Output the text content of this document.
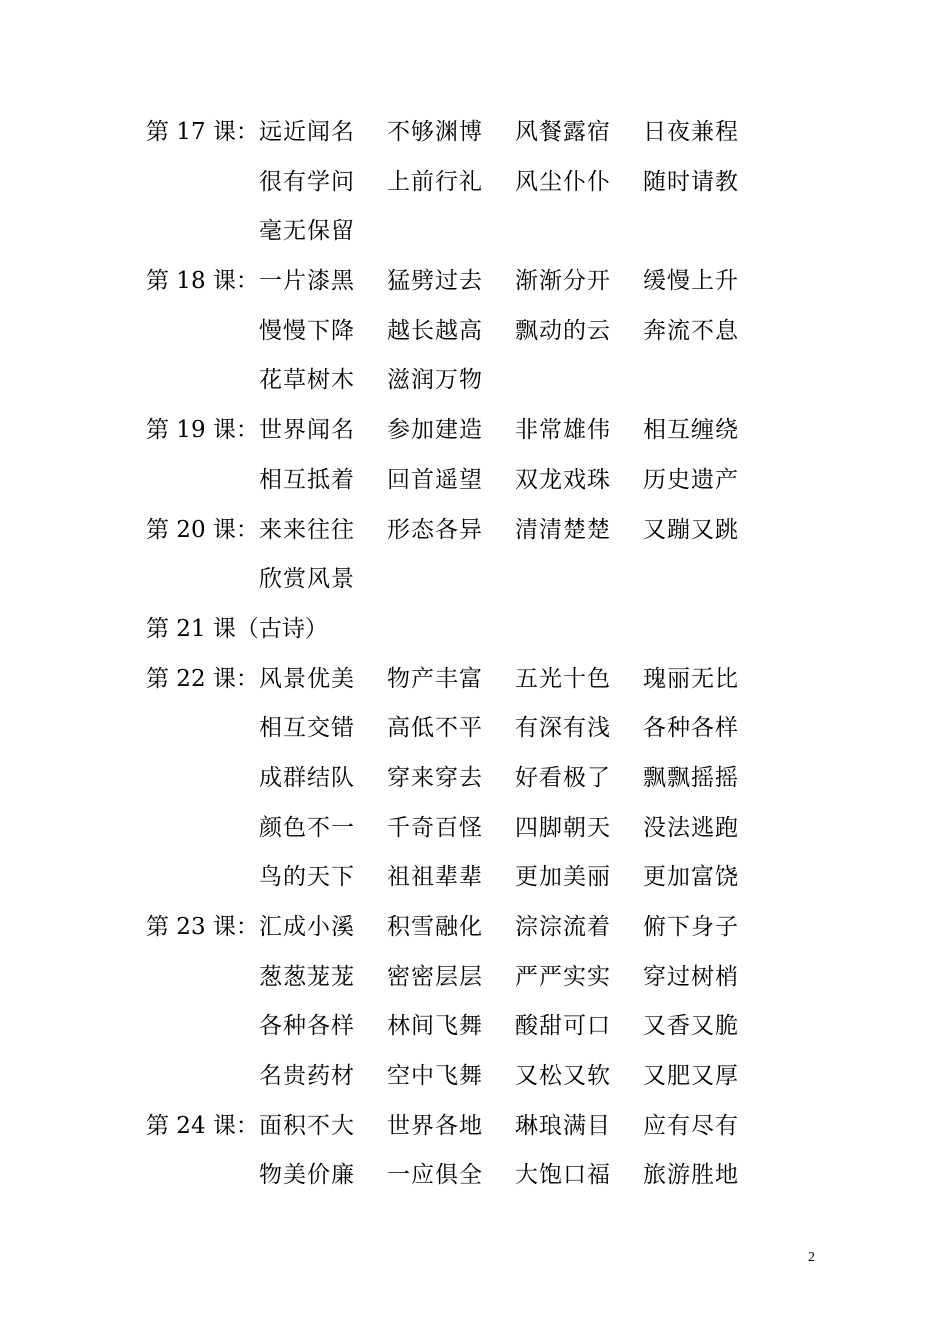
第 17 课： 远近闻名	不够渊博	风餐露宿	日夜兼程
很有学问	上前行礼	风尘仆仆	随时请教
毫无保留
第 18 课： 一片漆黑	猛劈过去	渐渐分开	缓慢上升
慢慢下降	越长越高	飘动的云	奔流不息
花草树木	滋润万物
第 19 课： 世界闻名	参加建造	非常雄伟	相互缠绕
相互抵着	回首遥望	双龙戏珠	历史遗产
第 20 课： 来来往往	形态各异	清清楚楚	又蹦又跳
欣赏风景
第 21 课（古诗）
第 22 课： 风景优美	物产丰富	五光十色	瑰丽无比
相互交错	高低不平	有深有浅	各种各样
成群结队	穿来穿去	好看极了	飘飘摇摇
颜色不一	千奇百怪	四脚朝天	没法逃跑
鸟的天下	祖祖辈辈	更加美丽	更加富饶
第 23 课： 汇成小溪	积雪融化	淙淙流着	俯下身子
葱葱茏茏	密密层层	严严实实	穿过树梢
各种各样	林间飞舞	酸甜可口	又香又脆
名贵药材	空中飞舞	又松又软	又肥又厚
第 24 课： 面积不大	世界各地	琳琅满目	应有尽有
物美价廉	一应俱全	大饱口福	旅游胜地
2
